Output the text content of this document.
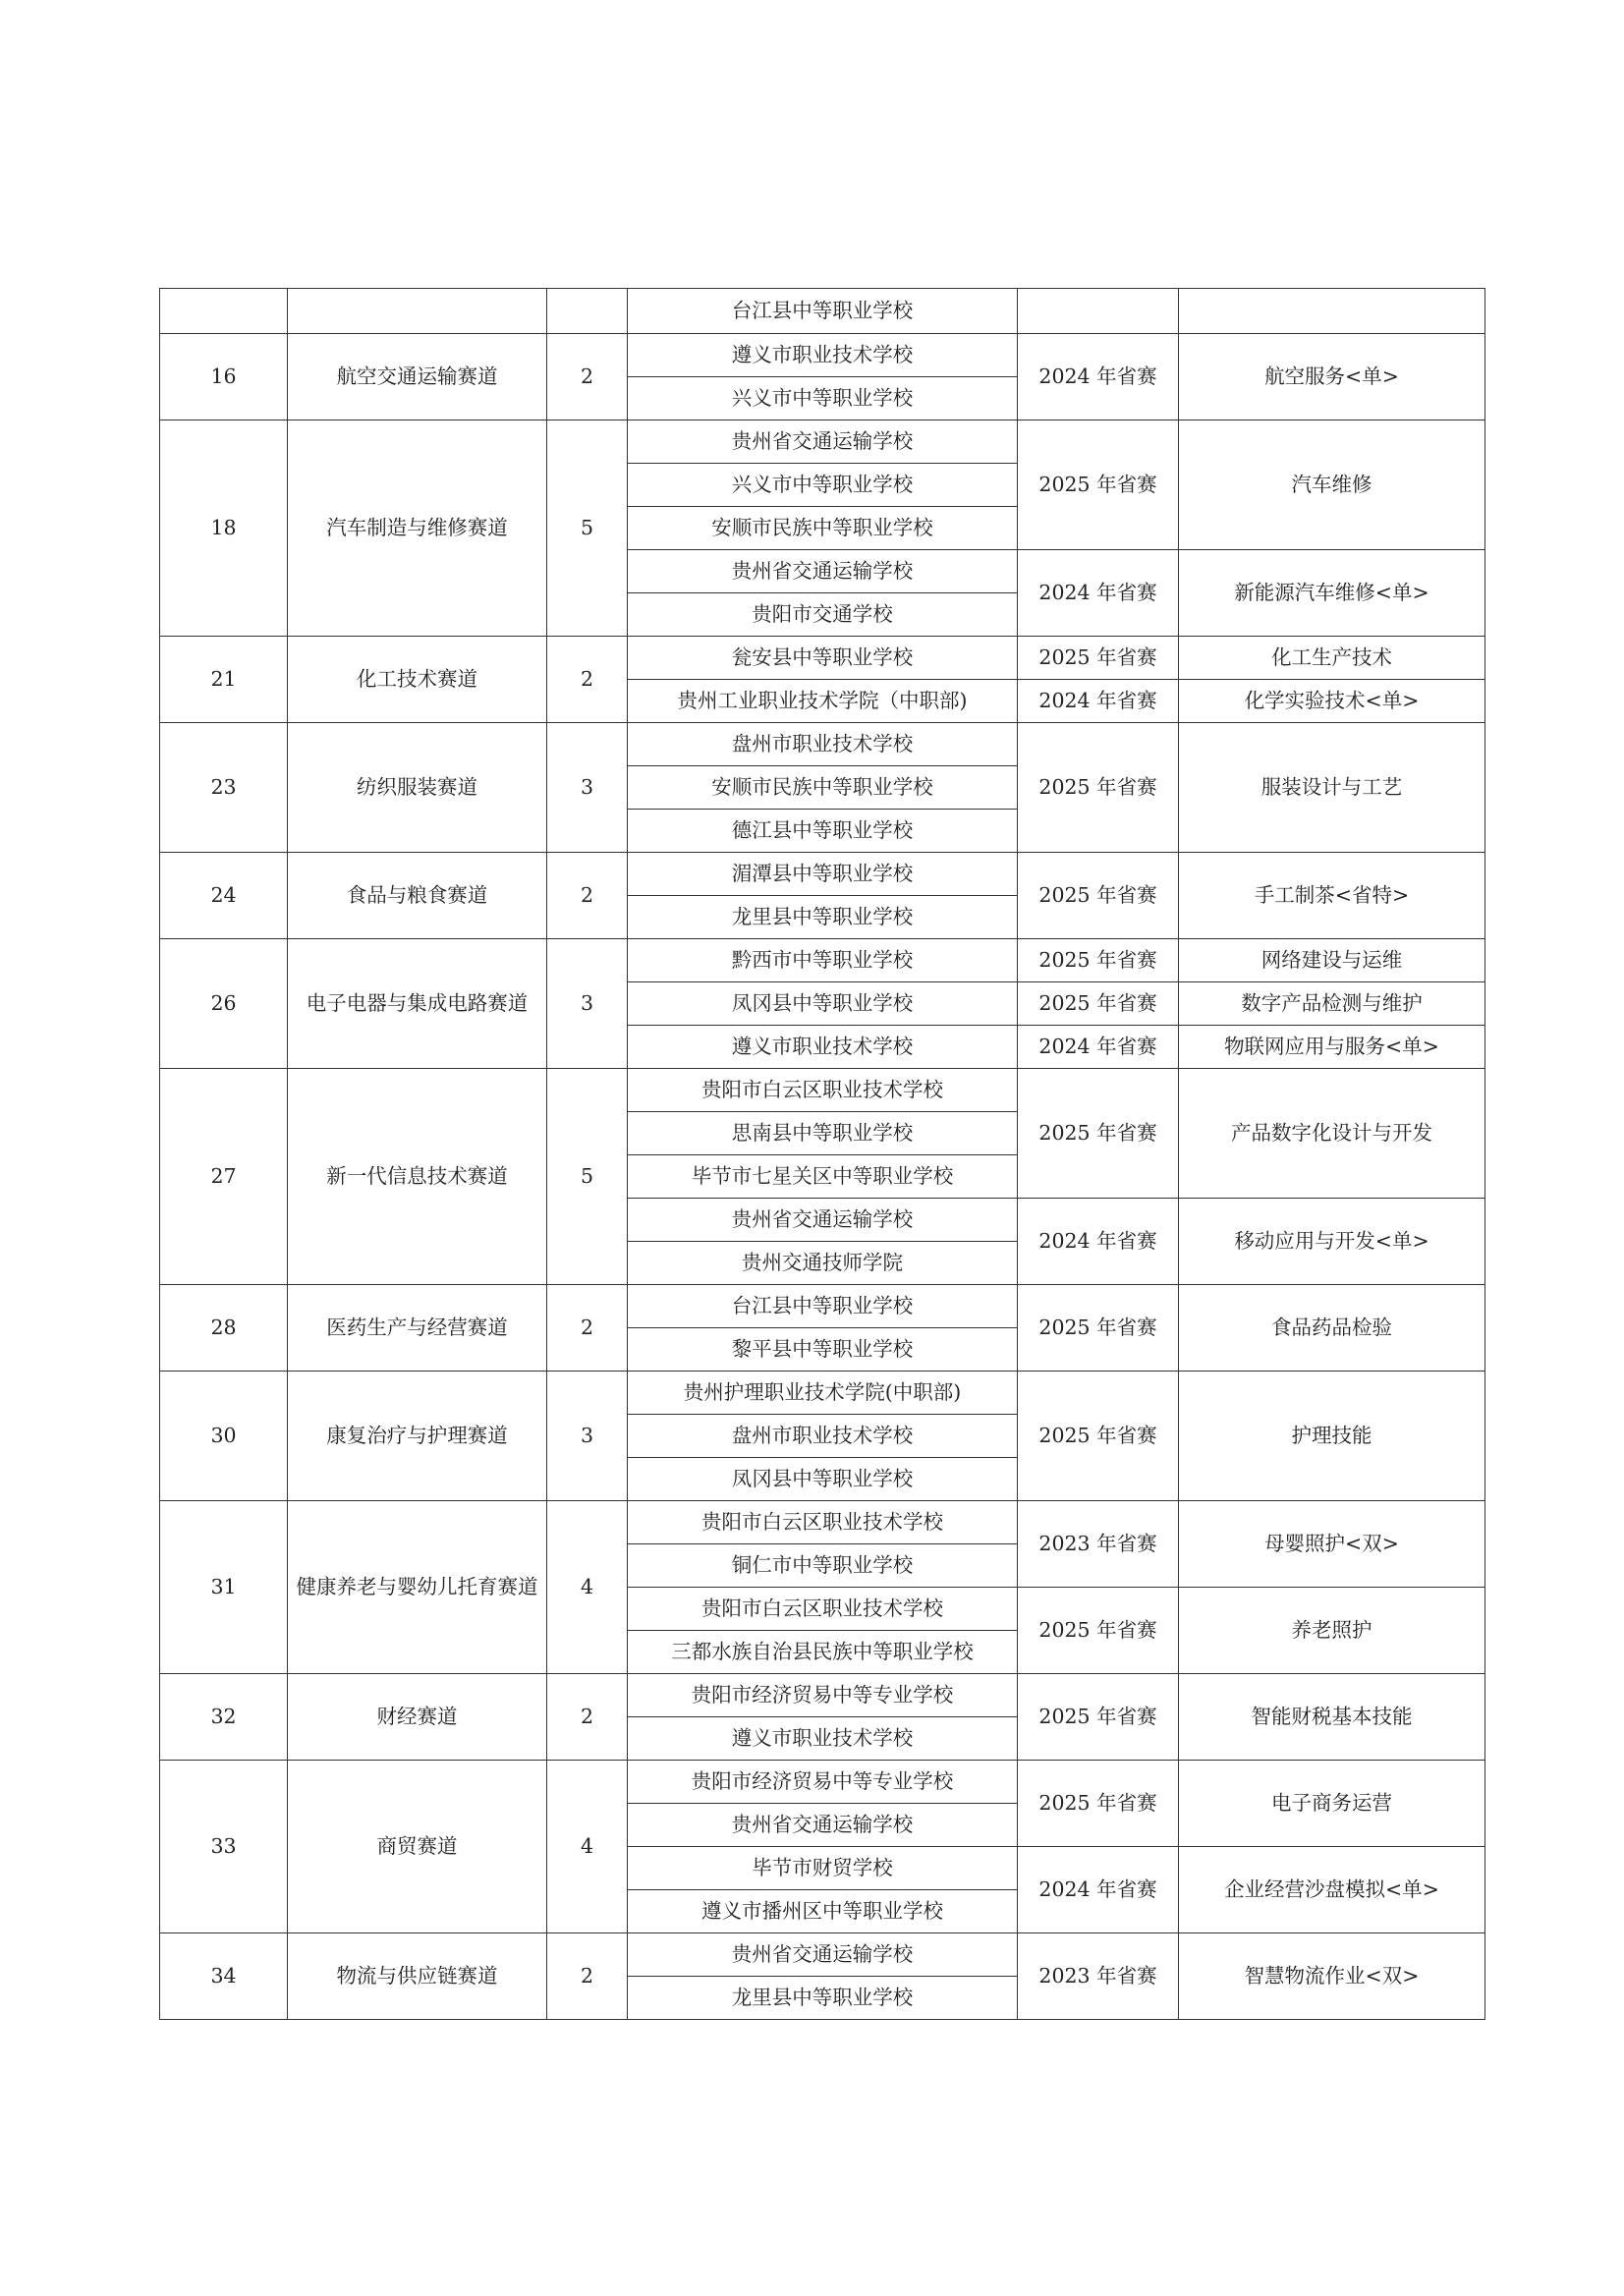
			台江县中等职业学校		
16	航空交通运输赛道	2	遵义市职业技术学校	2024 年省赛	航空服务<单>
			兴义市中等职业学校		
18	汽车制造与维修赛道	5	贵州省交通运输学校	2025 年省赛	汽车维修
			兴义市中等职业学校		
			安顺市民族中等职业学校		
			贵州省交通运输学校	2024 年省赛	新能源汽车维修<单>
			贵阳市交通学校		
21	化工技术赛道	2	瓮安县中等职业学校	2025 年省赛	化工生产技术
			贵州工业职业技术学院（中职部)	2024 年省赛	化学实验技术<单>
23	纺织服装赛道	3	盘州市职业技术学校	2025 年省赛	服装设计与工艺
			安顺市民族中等职业学校		
			德江县中等职业学校		
24	食品与粮食赛道	2	湄潭县中等职业学校	2025 年省赛	手工制茶<省特>
			龙里县中等职业学校		
26	电子电器与集成电路赛道	3	黔西市中等职业学校	2025 年省赛	网络建设与运维
			凤冈县中等职业学校	2025 年省赛	数字产品检测与维护
			遵义市职业技术学校	2024 年省赛	物联网应用与服务<单>
27	新一代信息技术赛道	5	贵阳市白云区职业技术学校	2025 年省赛	产品数字化设计与开发
			思南县中等职业学校		
			毕节市七星关区中等职业学校		
			贵州省交通运输学校	2024 年省赛	移动应用与开发<单>
			贵州交通技师学院		
28	医药生产与经营赛道	2	台江县中等职业学校	2025 年省赛	食品药品检验
			黎平县中等职业学校		
30	康复治疗与护理赛道	3	贵州护理职业技术学院(中职部)	2025 年省赛	护理技能
			盘州市职业技术学校		
			凤冈县中等职业学校		
31	健康养老与婴幼儿托育赛道	4	贵阳市白云区职业技术学校	2023 年省赛	母婴照护<双>
			铜仁市中等职业学校		
			贵阳市白云区职业技术学校	2025 年省赛	养老照护
			三都水族自治县民族中等职业学校		
32	财经赛道	2	贵阳市经济贸易中等专业学校	2025 年省赛	智能财税基本技能
			遵义市职业技术学校		
33	商贸赛道	4	贵阳市经济贸易中等专业学校	2025 年省赛	电子商务运营
			贵州省交通运输学校		
			毕节市财贸学校	2024 年省赛	企业经营沙盘模拟<单>
			遵义市播州区中等职业学校		
34	物流与供应链赛道	2	贵州省交通运输学校	2023 年省赛	智慧物流作业<双>
			龙里县中等职业学校		
